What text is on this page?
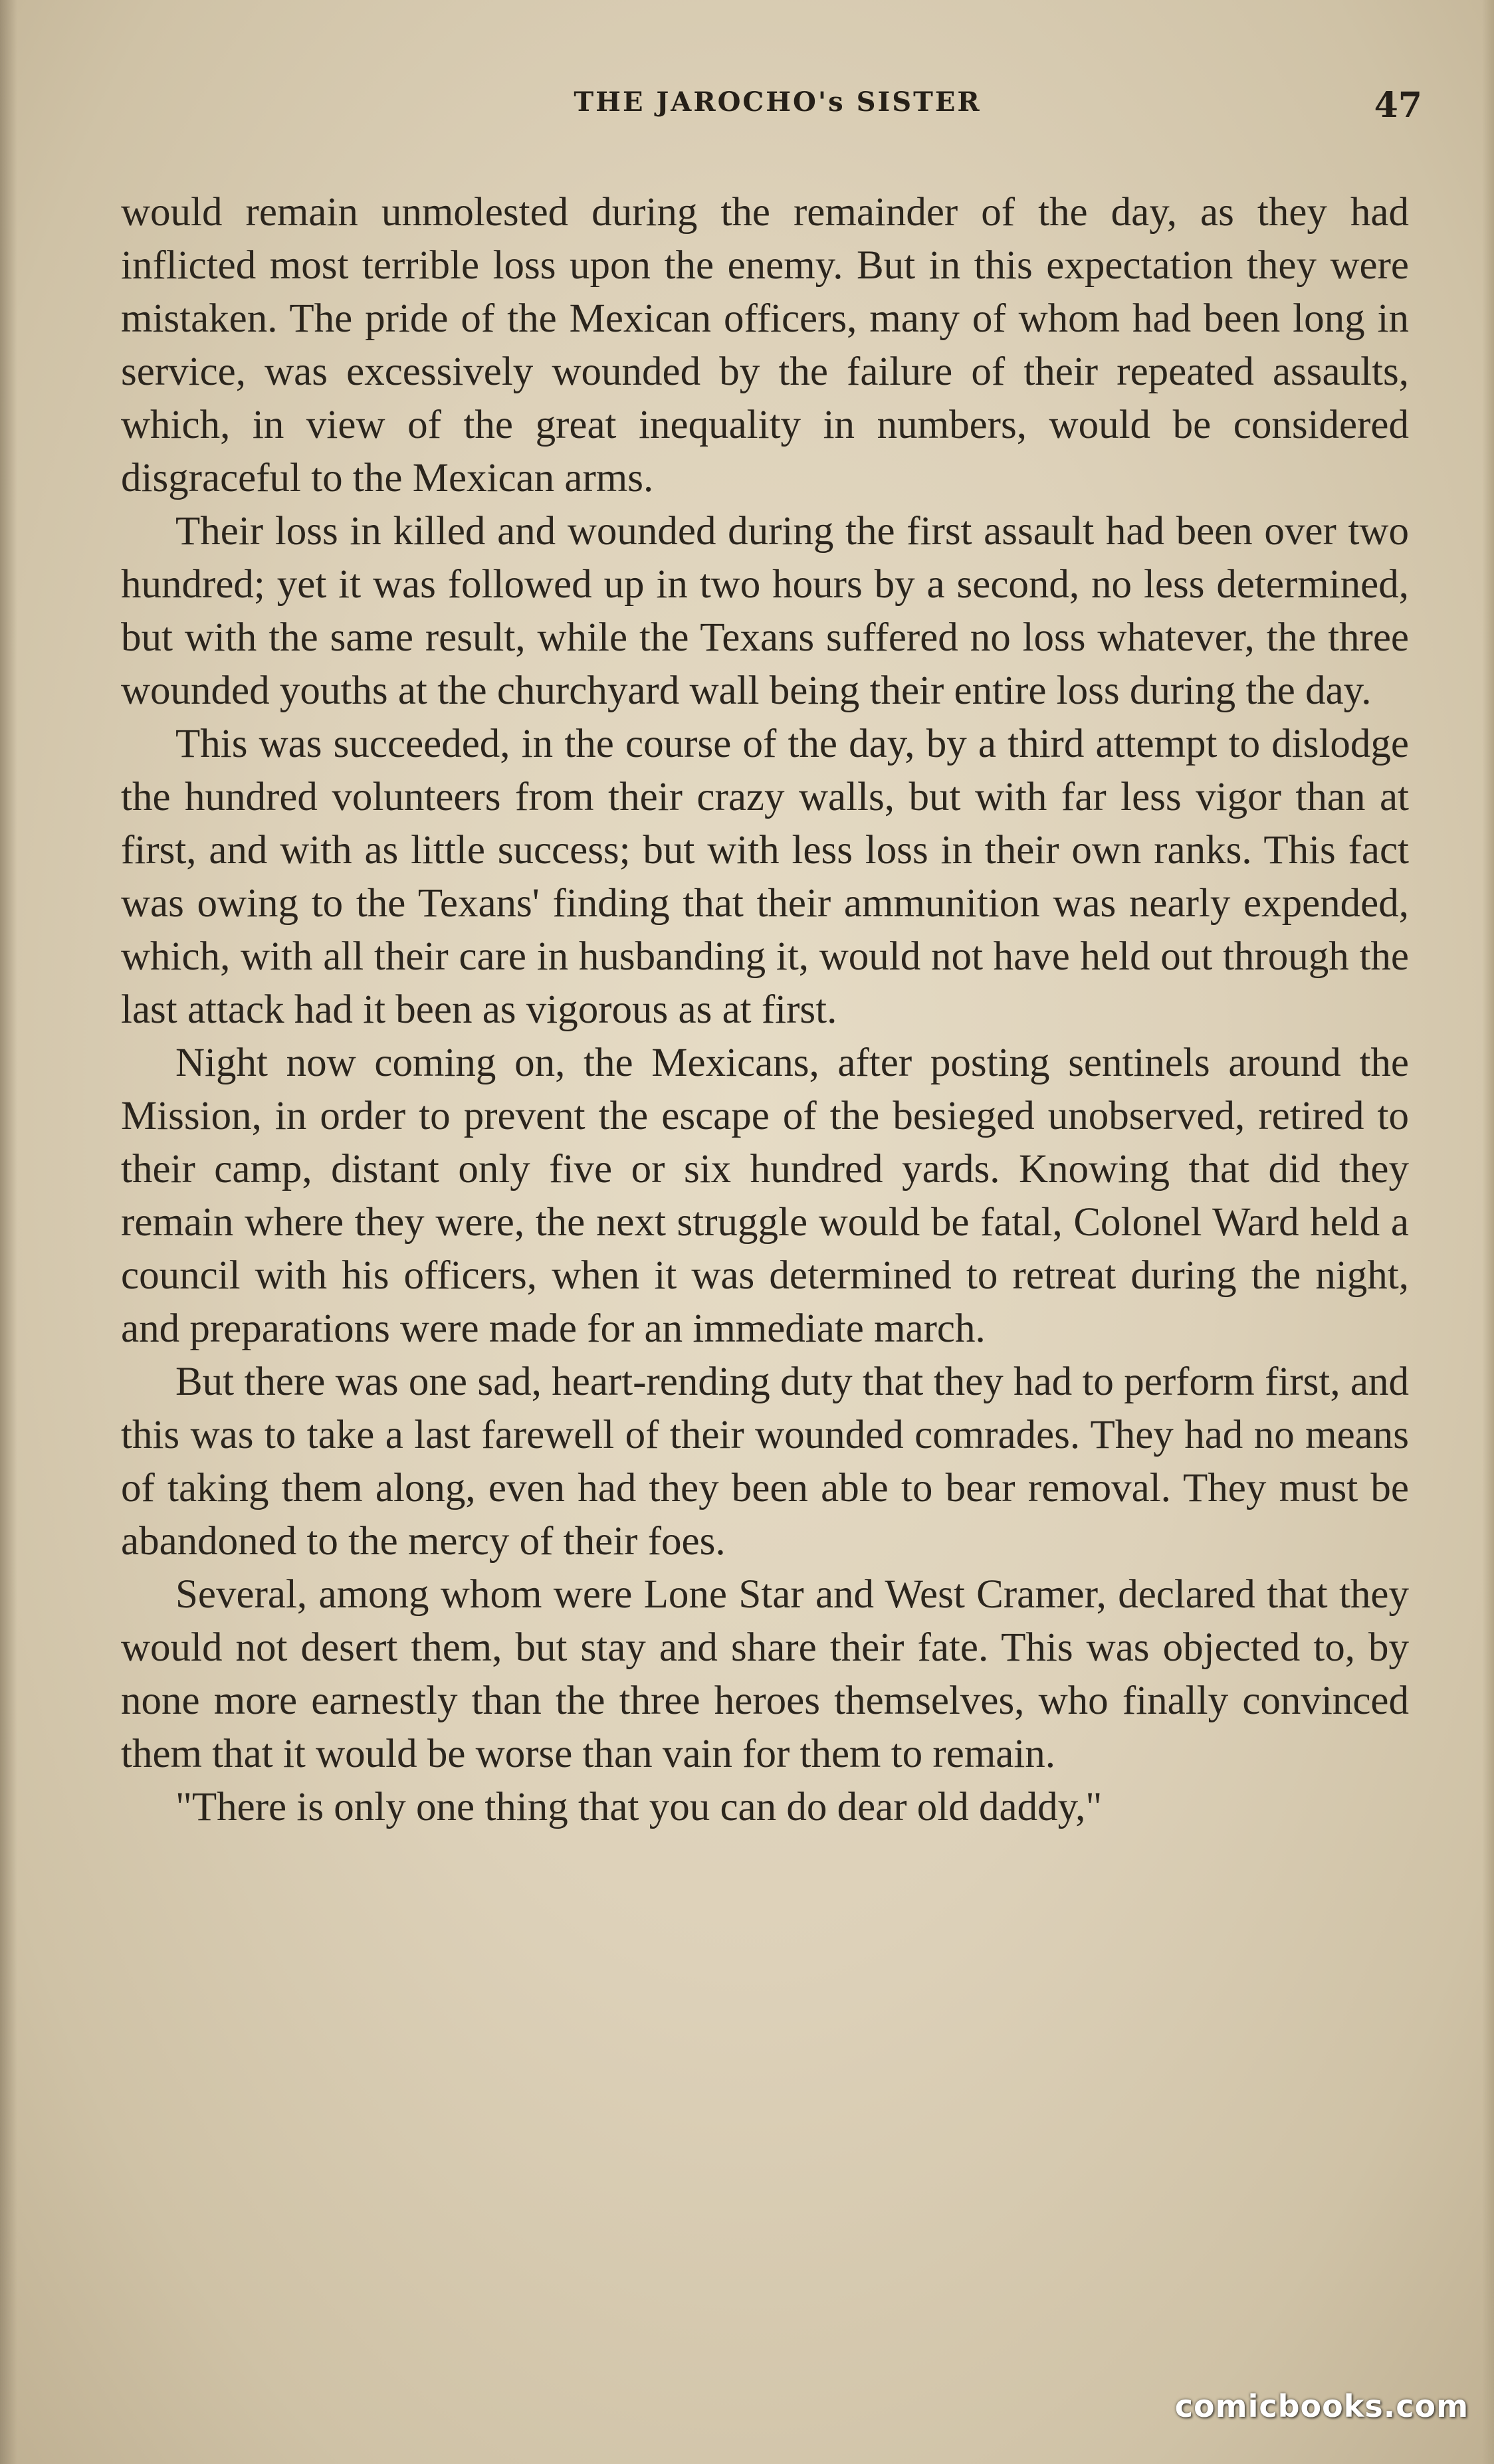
THE JAROCHO's SISTER	47

would remain unmolested during the remainder of the day, as they had inflicted most terrible loss upon the enemy. But in this expectation they were mistaken. The pride of the Mexican officers, many of whom had been long in service, was excessively wounded by the failure of their repeated assaults, which, in view of the great inequality in numbers, would be considered disgraceful to the Mexican arms.

Their loss in killed and wounded during the first assault had been over two hundred; yet it was followed up in two hours by a second, no less determined, but with the same result, while the Texans suffered no loss whatever, the three wounded youths at the churchyard wall being their entire loss during the day.

This was succeeded, in the course of the day, by a third attempt to dislodge the hundred volunteers from their crazy walls, but with far less vigor than at first, and with as little success; but with less loss in their own ranks. This fact was owing to the Texans' finding that their ammunition was nearly expended, which, with all their care in husbanding it, would not have held out through the last attack had it been as vigorous as at first.

Night now coming on, the Mexicans, after posting sentinels around the Mission, in order to prevent the escape of the besieged unobserved, retired to their camp, distant only five or six hundred yards. Knowing that did they remain where they were, the next struggle would be fatal, Colonel Ward held a council with his officers, when it was determined to retreat during the night, and preparations were made for an immediate march.

But there was one sad, heart-rending duty that they had to perform first, and this was to take a last farewell of their wounded comrades. They had no means of taking them along, even had they been able to bear removal. They must be abandoned to the mercy of their foes.

Several, among whom were Lone Star and West Cramer, declared that they would not desert them, but stay and share their fate. This was objected to, by none more earnestly than the three heroes themselves, who finally convinced them that it would be worse than vain for them to remain.

"There is only one thing that you can do dear old daddy,"

comicbooks.com
